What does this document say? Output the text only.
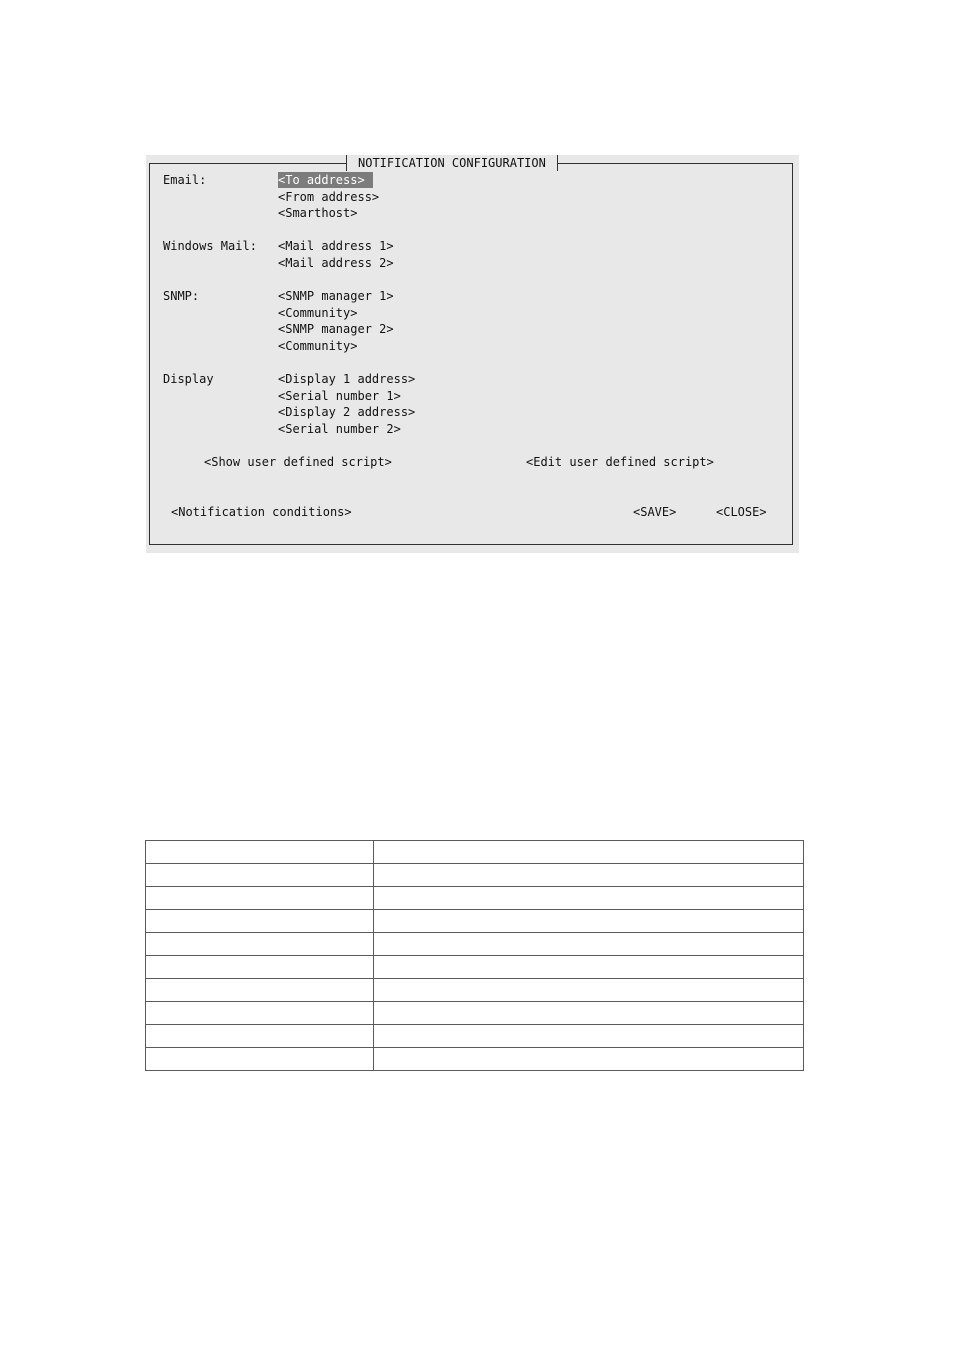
NOTIFICATION CONFIGURATION
Email:	<To address>
<From address>
<Smarthost>
Windows Mail: <Mail address 1>
<Mail address 2>
SNMP:	<SNMP manager 1>
<Community>
<SNMP manager 2>
<Community>
Display	<Display 1 address>
<Serial number 1>
<Display 2 address>
<Serial number 2>
<Show user defined script>	<Edit user defined script>
<Notification conditions>	<SAVE>	<CLOSE>
